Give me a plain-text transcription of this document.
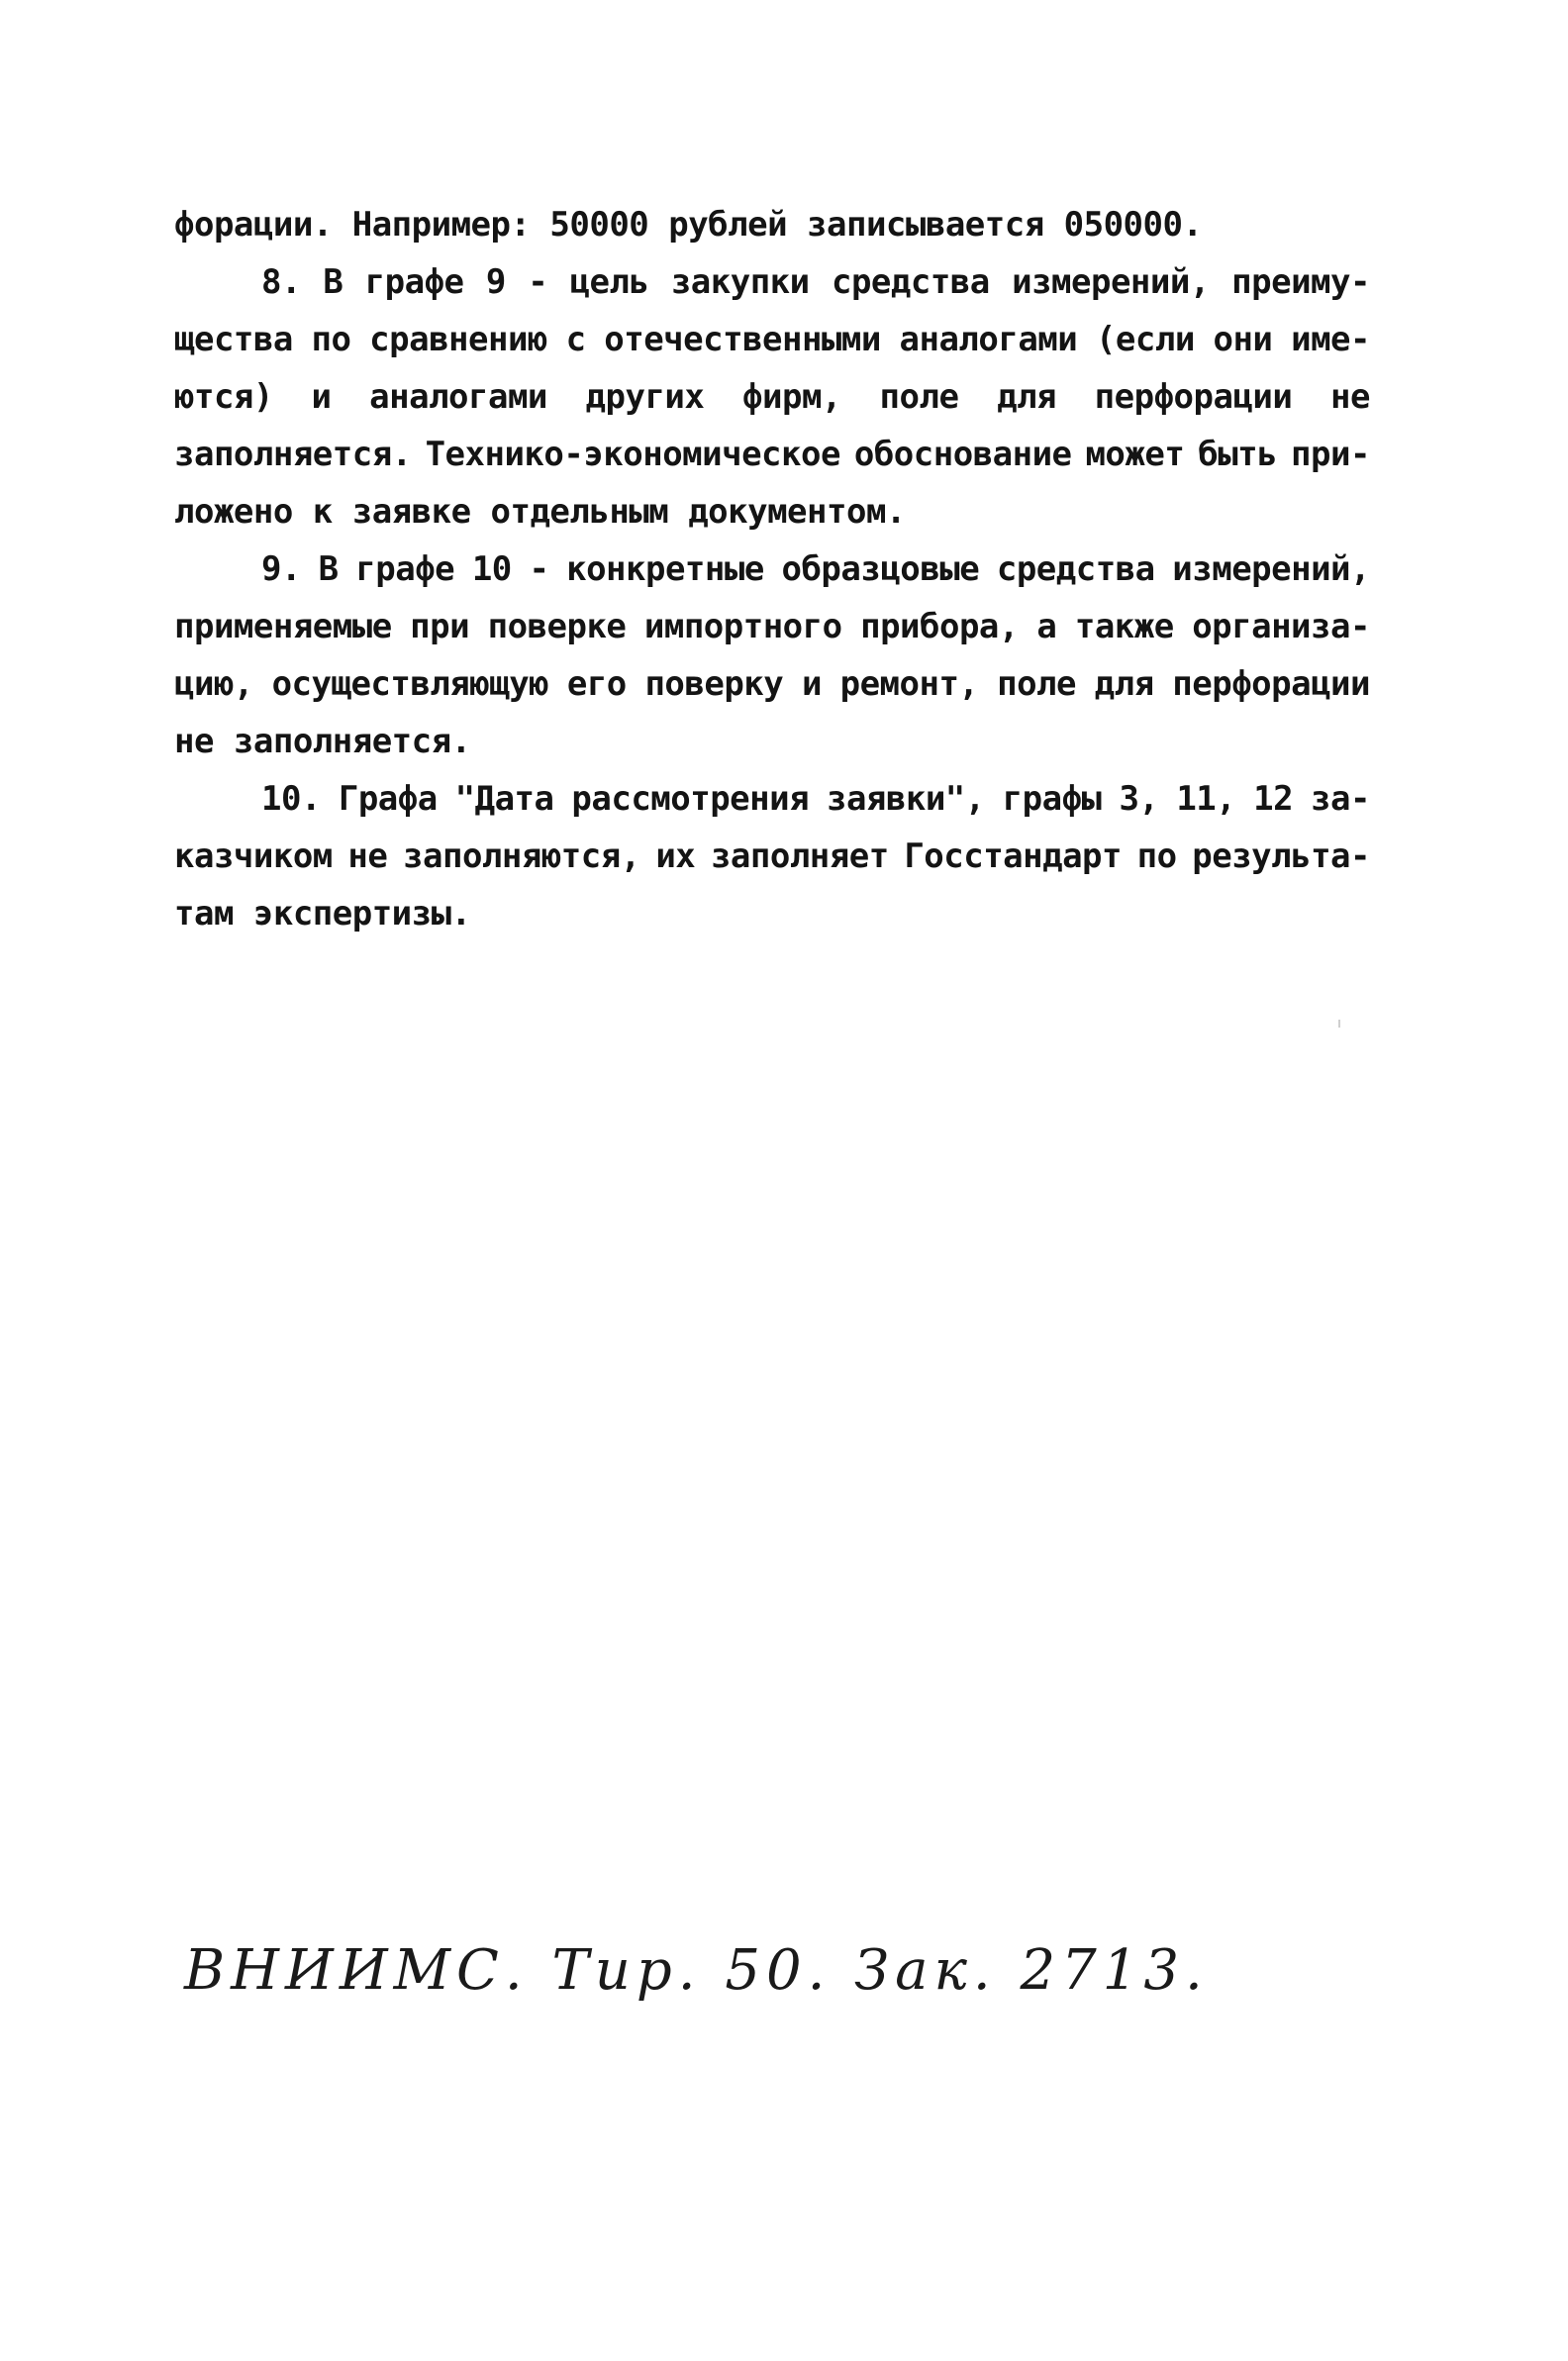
форации. Например: 50000 рублей записывается 050000.
8. В графе 9 - цель закупки средства измерений, преиму-
щества по сравнению с отечественными аналогами (если они име-
ются) и аналогами других фирм, поле для перфорации не
заполняется. Технико-экономическое обоснование может быть при-
ложено к заявке отдельным документом.
9. В графе 10 - конкретные образцовые средства измерений,
применяемые при поверке импортного прибора, а также организа-
цию, осуществляющую его поверку и ремонт, поле для перфорации
не заполняется.
10. Графа "Дата рассмотрения заявки", графы 3, 11, 12 за-
казчиком не заполняются, их заполняет Госстандарт по результа-
там экспертизы.
ВНИИМС. Тир. 50. Зак. 2713.
